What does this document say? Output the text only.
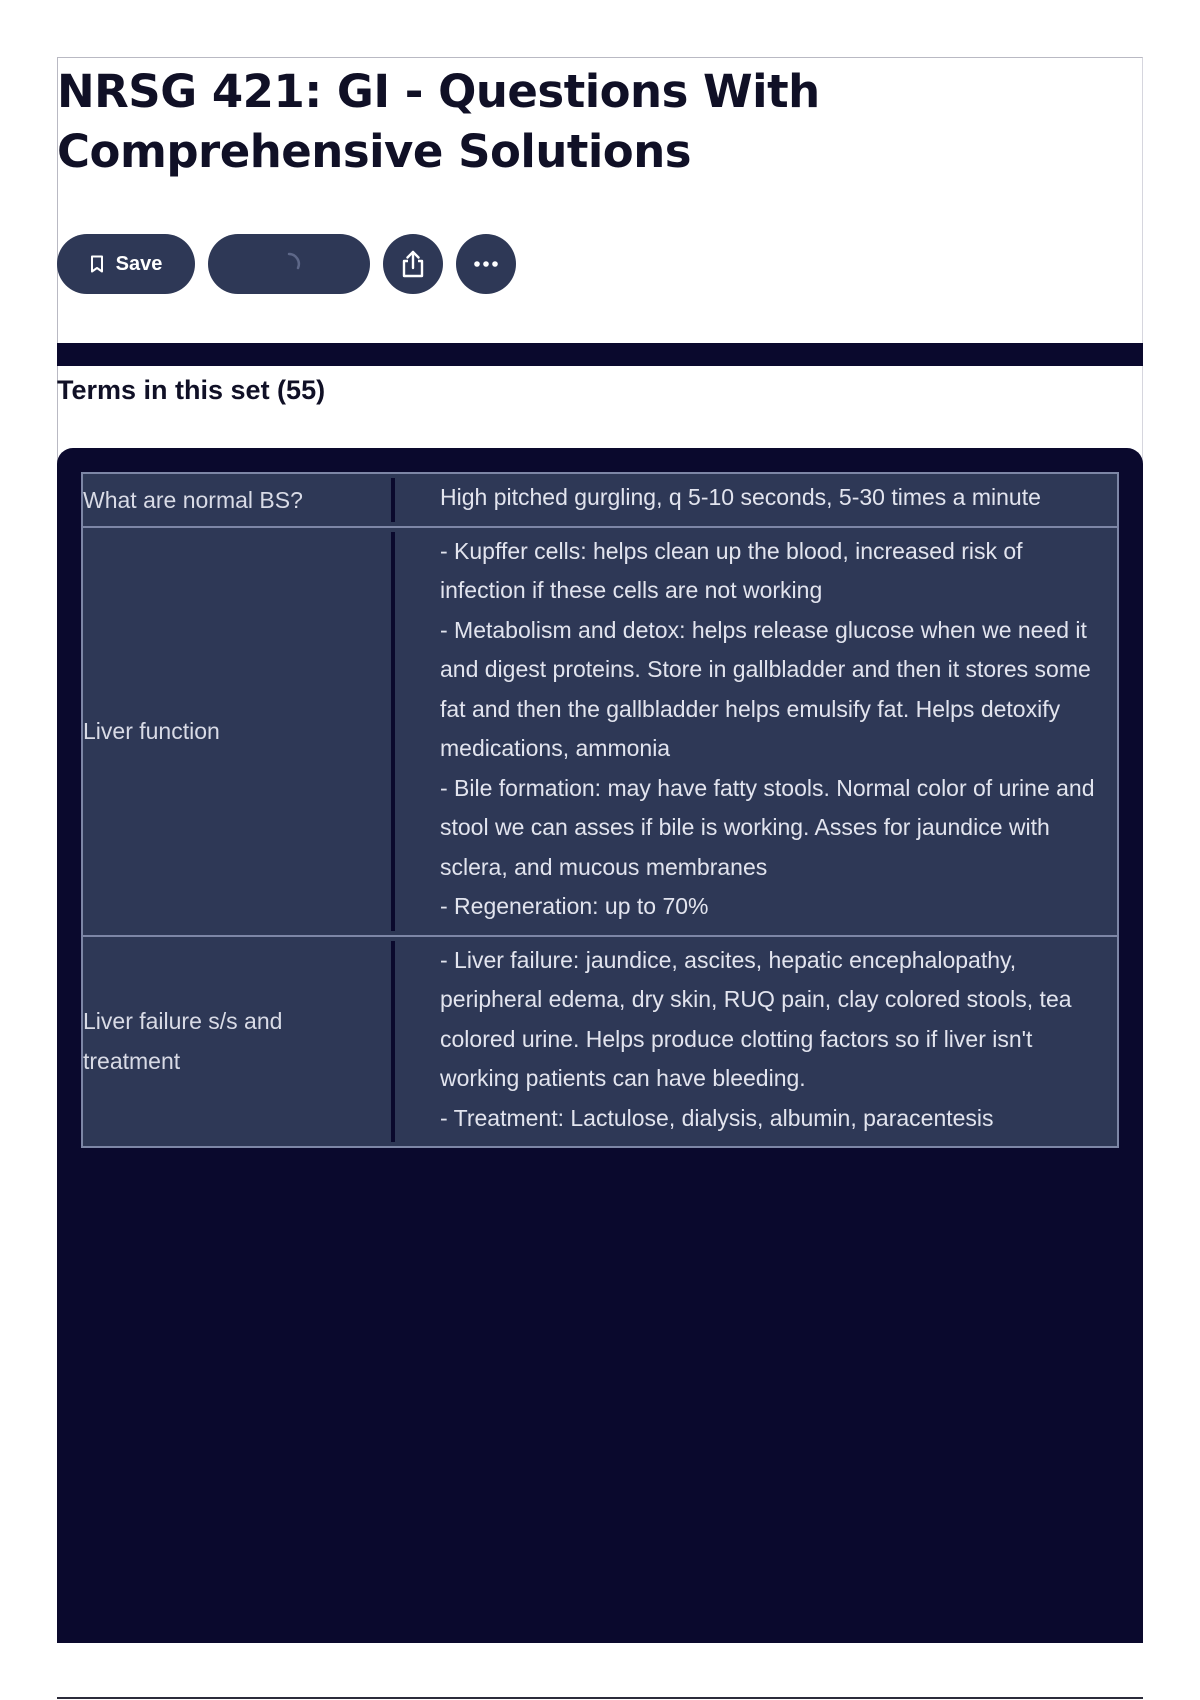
NRSG 421: GI - Questions With Comprehensive Solutions
Save
Terms in this set (55)
What are normal BS?	High pitched gurgling, q 5-10 seconds, 5-30 times a minute
Liver function
- Kupffer cells: helps clean up the blood, increased risk of infection if these cells are not working
- Metabolism and detox: helps release glucose when we need it and digest proteins. Store in gallbladder and then it stores some fat and then the gallbladder helps emulsify fat. Helps detoxify medications, ammonia
- Bile formation: may have fatty stools. Normal color of urine and stool we can asses if bile is working. Asses for jaundice with sclera, and mucous membranes
- Regeneration: up to 70%
Liver failure s/s and treatment
- Liver failure: jaundice, ascites, hepatic encephalopathy, peripheral edema, dry skin, RUQ pain, clay colored stools, tea colored urine. Helps produce clotting factors so if liver isn't working patients can have bleeding.
- Treatment: Lactulose, dialysis, albumin, paracentesis
